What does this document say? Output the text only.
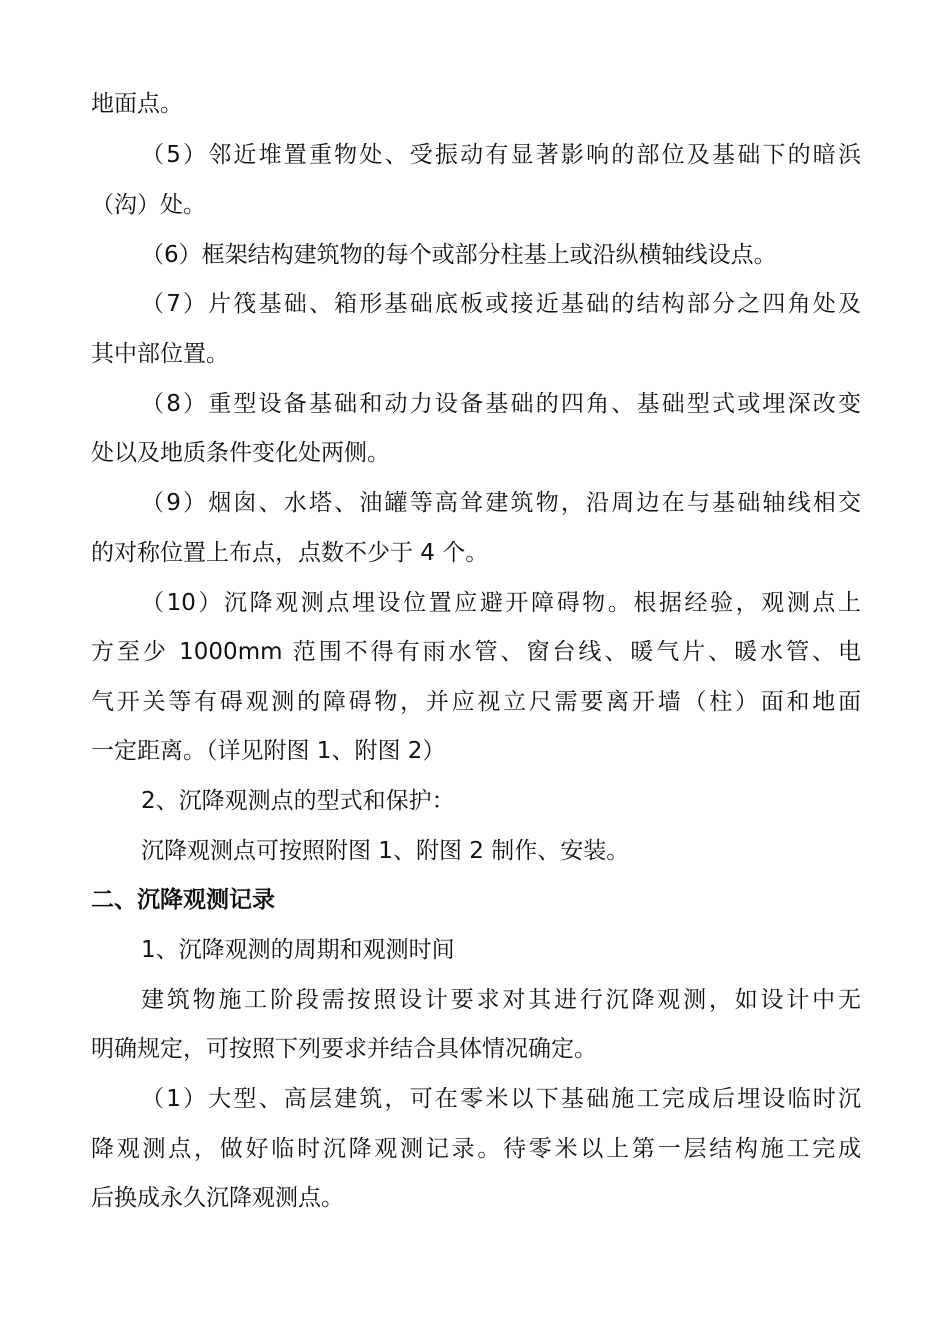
地面点。
（5）邻近堆置重物处、受振动有显著影响的部位及基础下的暗浜
（沟）处。
（6）框架结构建筑物的每个或部分柱基上或沿纵横轴线设点。
（7）片筏基础、箱形基础底板或接近基础的结构部分之四角处及
其中部位置。
（8）重型设备基础和动力设备基础的四角、基础型式或埋深改变
处以及地质条件变化处两侧。
（9）烟囱、水塔、油罐等高耸建筑物，沿周边在与基础轴线相交
的对称位置上布点，点数不少于 4 个。
（10）沉降观测点埋设位置应避开障碍物。根据经验，观测点上
方至少 1000mm 范围不得有雨水管、窗台线、暖气片、暖水管、电
气开关等有碍观测的障碍物，并应视立尺需要离开墙（柱）面和地面
一定距离。（详见附图 1、附图 2）
2、沉降观测点的型式和保护：
沉降观测点可按照附图 1、附图 2 制作、安装。
二、沉降观测记录
1、沉降观测的周期和观测时间
建筑物施工阶段需按照设计要求对其进行沉降观测，如设计中无
明确规定，可按照下列要求并结合具体情况确定。
（1）大型、高层建筑，可在零米以下基础施工完成后埋设临时沉
降观测点，做好临时沉降观测记录。待零米以上第一层结构施工完成
后换成永久沉降观测点。
